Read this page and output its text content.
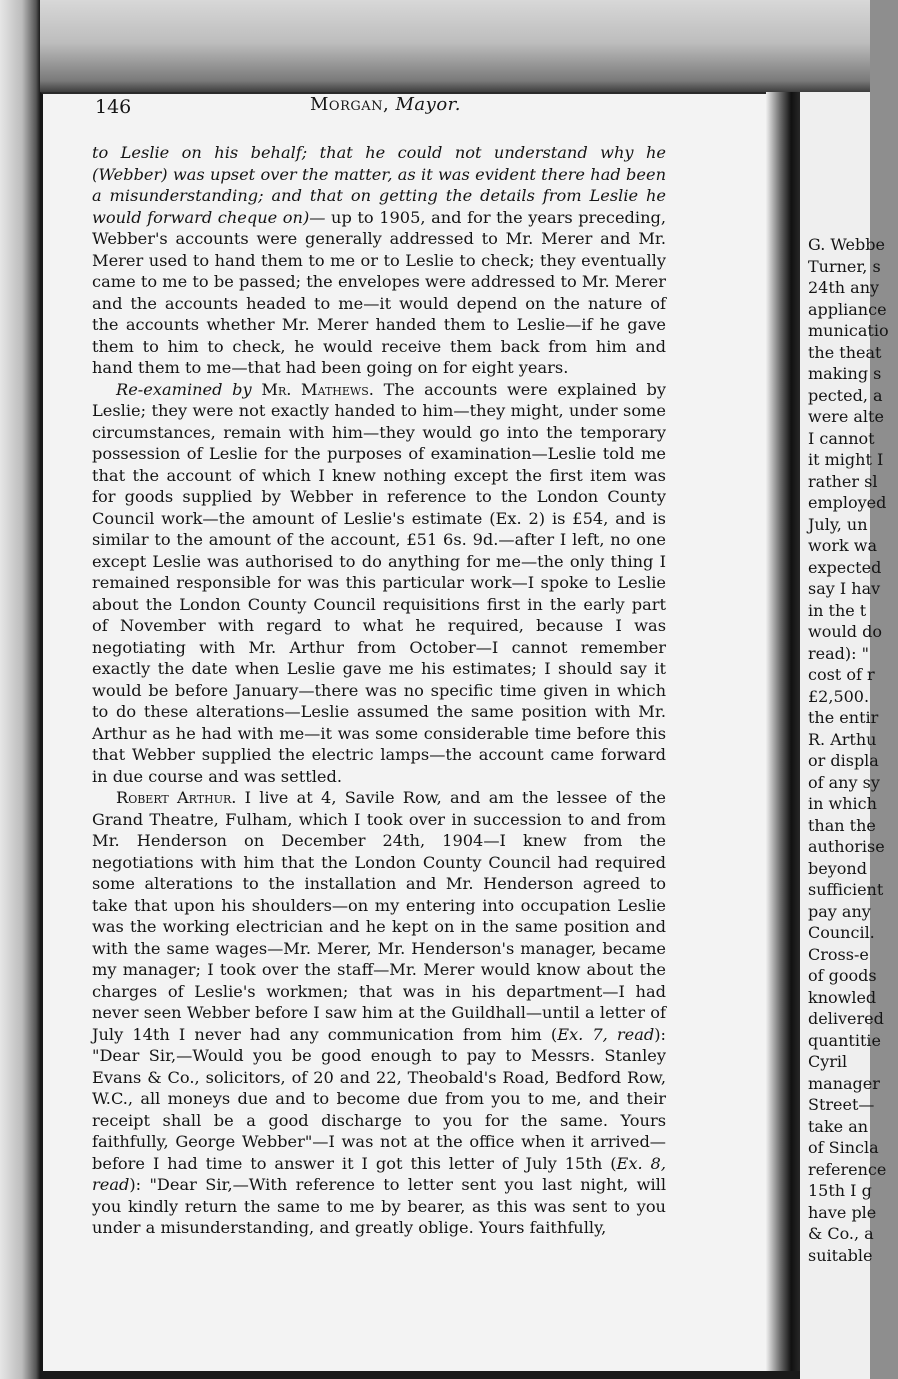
G. Webbe
Turner, s
24th any
appliance
municatio
the theat
making s
pected, a
were alte
I cannot
it might I
rather sl
employed
July, un
work wa
expected
say I hav
in the t
would do
read): "
cost of r
£2,500.
the entir
R. Arthu
or displa
of any sy
in which
than the
authorise
beyond
sufficient
pay any
Council.
Cross-e
of goods
knowled
delivered
quantitie
Cyril
manager
Street—
take an
of Sincla
reference
15th I g
have ple
& Co., a
suitable
146	Morgan, Mayor.

to Leslie on his behalf; that he could not understand why he (Webber) was upset over the matter, as it was evident there had been a misunderstanding; and that on getting the details from Leslie he would forward cheque on)— up to 1905, and for the years preceding, Webber's accounts were generally addressed to Mr. Merer and Mr. Merer used to hand them to me or to Leslie to check; they eventually came to me to be passed; the envelopes were addressed to Mr. Merer and the accounts headed to me—it would depend on the nature of the accounts whether Mr. Merer handed them to Leslie—if he gave them to him to check, he would receive them back from him and hand them to me—that had been going on for eight years.

Re-examined by Mr. Mathews. The accounts were explained by Leslie; they were not exactly handed to him—they might, under some circumstances, remain with him—they would go into the temporary possession of Leslie for the purposes of examination—Leslie told me that the account of which I knew nothing except the first item was for goods supplied by Webber in reference to the London County Council work—the amount of Leslie's estimate (Ex. 2) is £54, and is similar to the amount of the account, £51 6s. 9d.—after I left, no one except Leslie was authorised to do anything for me—the only thing I remained responsible for was this particular work—I spoke to Leslie about the London County Council requisitions first in the early part of November with regard to what he required, because I was negotiating with Mr. Arthur from October—I cannot remember exactly the date when Leslie gave me his estimates; I should say it would be before January—there was no specific time given in which to do these alterations—Leslie assumed the same position with Mr. Arthur as he had with me—it was some considerable time before this that Webber supplied the electric lamps—the account came forward in due course and was settled.

Robert Arthur. I live at 4, Savile Row, and am the lessee of the Grand Theatre, Fulham, which I took over in succession to and from Mr. Henderson on December 24th, 1904—I knew from the negotiations with him that the London County Council had required some alterations to the installation and Mr. Henderson agreed to take that upon his shoulders—on my entering into occupation Leslie was the working electrician and he kept on in the same position and with the same wages—Mr. Merer, Mr. Henderson's manager, became my manager; I took over the staff—Mr. Merer would know about the charges of Leslie's workmen; that was in his department—I had never seen Webber before I saw him at the Guildhall—until a letter of July 14th I never had any communication from him (Ex. 7, read): "Dear Sir,—Would you be good enough to pay to Messrs. Stanley Evans & Co., solicitors, of 20 and 22, Theobald's Road, Bedford Row, W.C., all moneys due and to become due from you to me, and their receipt shall be a good discharge to you for the same. Yours faithfully, George Webber"—I was not at the office when it arrived—before I had time to answer it I got this letter of July 15th (Ex. 8, read): "Dear Sir,—With reference to letter sent you last night, will you kindly return the same to me by bearer, as this was sent to you under a misunderstanding, and greatly oblige. Yours faithfully,
